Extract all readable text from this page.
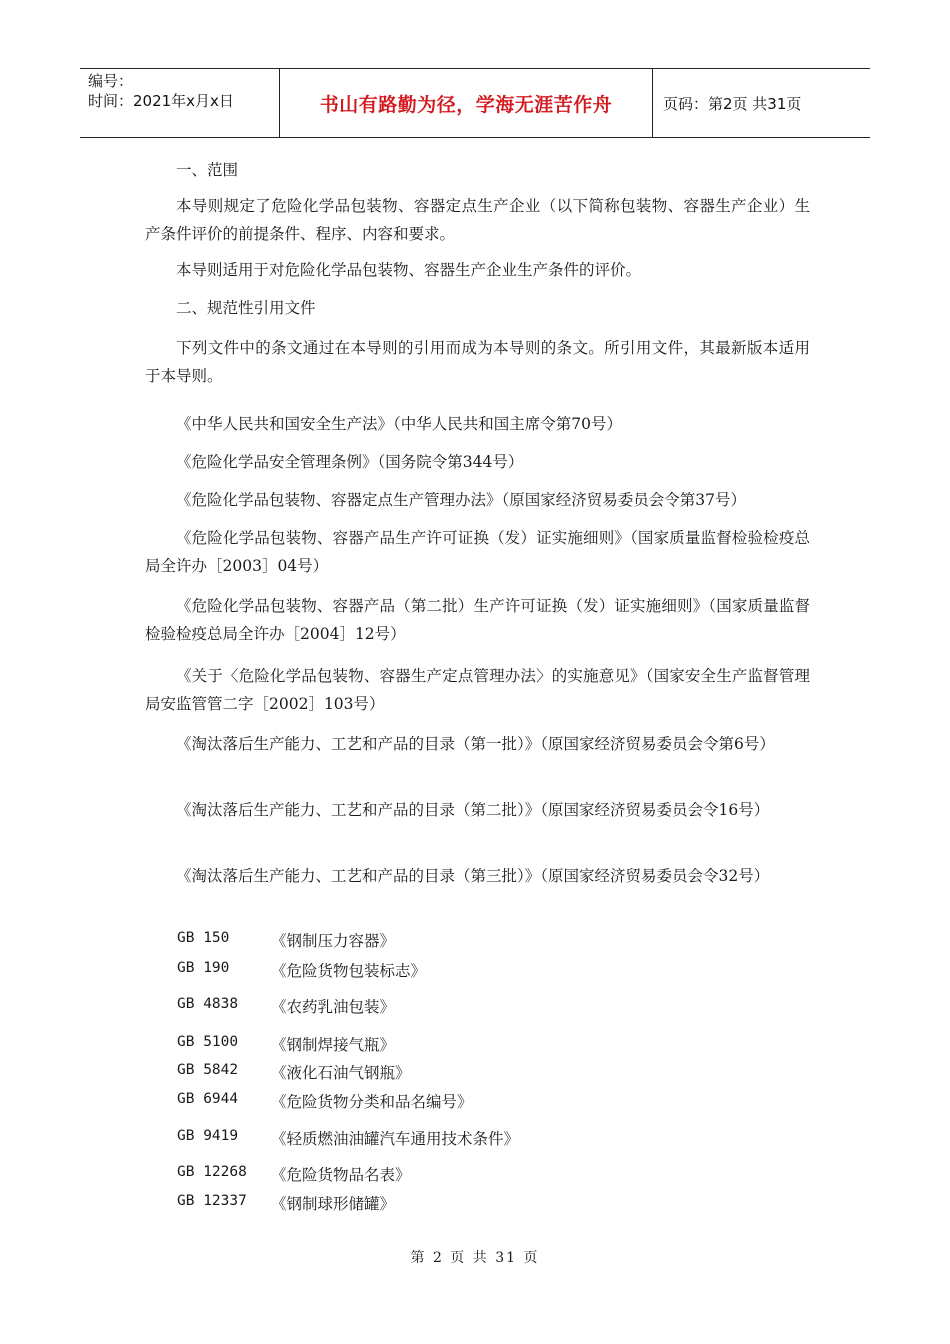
编号：
时间：2021年x月x日	书山有路勤为径，学海无涯苦作舟	页码：第2页 共31页
一、范围
本导则规定了危险化学品包装物、容器定点生产企业（以下简称包装物、容器生产企业）生产条件评价的前提条件、程序、内容和要求。
本导则适用于对危险化学品包装物、容器生产企业生产条件的评价。
二、规范性引用文件
下列文件中的条文通过在本导则的引用而成为本导则的条文。所引用文件，其最新版本适用于本导则。
《中华人民共和国安全生产法》（中华人民共和国主席令第70号）
《危险化学品安全管理条例》（国务院令第344号）
《危险化学品包装物、容器定点生产管理办法》（原国家经济贸易委员会令第37号）
《危险化学品包装物、容器产品生产许可证换（发）证实施细则》（国家质量监督检验检疫总局全许办［2003］04号）
《危险化学品包装物、容器产品（第二批）生产许可证换（发）证实施细则》（国家质量监督检验检疫总局全许办［2004］12号）
《关于〈危险化学品包装物、容器生产定点管理办法〉的实施意见》（国家安全生产监督管理局安监管管二字［2002］103号）
《淘汰落后生产能力、工艺和产品的目录（第一批）》（原国家经济贸易委员会令第6号）
《淘汰落后生产能力、工艺和产品的目录（第二批）》（原国家经济贸易委员会令16号）
《淘汰落后生产能力、工艺和产品的目录（第三批）》（原国家经济贸易委员会令32号）
GB 150	《钢制压力容器》
GB 190	《危险货物包装标志》
GB 4838 《农药乳油包装》
GB 5100 《钢制焊接气瓶》
GB 5842 《液化石油气钢瓶》
GB 6944 《危险货物分类和品名编号》
GB 9419 《轻质燃油油罐汽车通用技术条件》
GB 12268 《危险货物品名表》
GB 12337 《钢制球形储罐》
第 2 页 共 31 页
